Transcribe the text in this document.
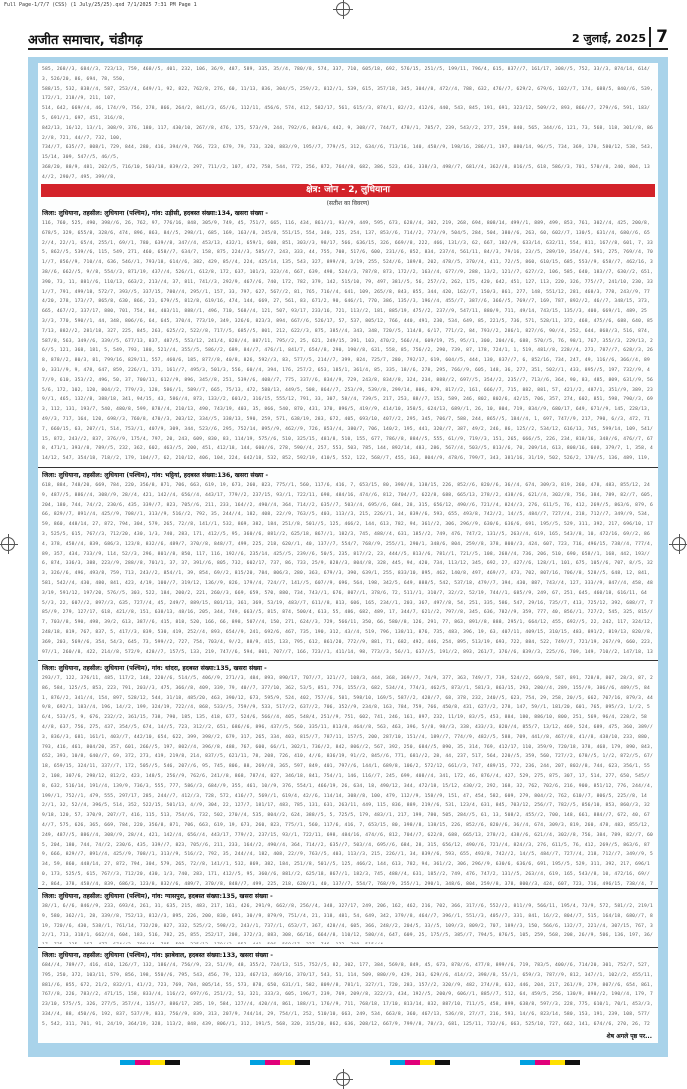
Full Page-1/7/7 (CSS) (1 July/25/25).qxd 7/1/2025 7:31 PM Page 1
अजीत समाचार, चंडीगढ़	2 जुलाई, 2025 7
585, 268//3, 684//3, 723/13, 759, 468//5, 401, 232, 106, 36/9, 487, 589, 335, 35//4, 780//8, 574, 337, 710, 605/18, 692, 576/15, 251//5, 199/11, 796/4, 615, 837//7, 161/17, 308//5, 752, 33//3, 874/14, 614/3, 526/20, 86, 694, 78, 550,
588/15, 532, 838//4, 587, 253//4, 649//1, 92, 822, 762/8, 276, 60, 11/13, 836, 304//5, 259//2, 812//1, 539, 615, 357/18, 345, 304//8, 472//4, 788, 632, 476//7, 629/2, 679/6, 102//7, 174, 688/5, 840//6, 539, 172//1, 218//9, 211, 107,
514, 642, 669//4, 46, 174//9, 756, 278, 866, 264/2, 841//3, 65//6, 112/11, 456/6, 574, 412, 582/17, 561, 615//3, 874/1, 82//2, 412/6, 440, 543, 845, 191, 691, 323/12, 509//2, 893, 866//7, 279//6, 591, 183/5, 691//1, 697, 451, 316//8,
842/13, 16/12, 13//1, 308/9, 376, 180, 117, 430/10, 267//8, 476, 175, 573//9, 244, 792//6, 843/6, 442, 9, 308//7, 744/7, 478//1, 785/7, 239, 543//2, 277, 259, 840, 565, 344//6, 121, 73, 568, 118, 301//8, 862//8, 721, 44//7, 732, 100,
734//7, 635//7, 808/1, 729, 844, 280, 416, 394//9, 766, 723, 679, 79, 733, 320, 883//9, 195//7, 779//5, 312, 634//6, 713/16, 140, 458//9, 198/16, 286//1, 197, 880/14, 96//5, 734, 369, 170, 580/12, 538, 543, 15/14, 309, 547//5, 46//5,
368/20, 88/9, 481, 202//5, 716/10, 503/18, 839//2, 297, 711//2, 107, 472, 758, 544, 772, 256, 872, 764//8, 682, 386, 523, 436, 338//3, 498//7, 681//4, 362//8, 816//5, 618, 586//3, 701, 570//8, 240, 804, 134//2, 290/7, 495, 399//8,
क्षेत्र: जोन - 2, लुधियाना
(सतीश का विवरण)
जिला: लुधियाना, तहसील: लुधियाना (पश्चिम), गांव: उड़ीसी, हदबस्त संख्या:134, खसरा संख्या -
116, 760, 525, 490, 398//6, 26, 762, 97, 776/16, 848, 305/9, 749, 45, 751/7, 665, 116, 434, 861//1, 93//9, 449, 595, 673, 628//4, 302, 219, 268, 694, 808/14, 499//1, 889, 499, 853, 761, 302//4, 425, 200/8, 678/5, 329, 655/8, 328/6, 474, 896, 863, 84//5, 298//1, 685, 169, 163//8, 245/8, 551/15, 554, 340, 225, 254, 137, 853//6, 714//2, 773//9, 504/5, 284, 504, 380//6, 263, 60, 602//7, 130/5, 631//4, 680//6, 652//4, 22//1, 65/4, 255/1, 69//1, 780, 639//8, 347//4, 453/13, 432/1, 659/1, 608, 851, 303//3, 98/17, 566, 636/15, 326, 669//8, 222, 466, 131//3, 62, 667, 182//9, 633/14, 632/11, 554, 811, 167//8, 601, 7, 335, 862//5, 539//6, 115, 549, 271, 460, 658//7, 634/7, 158, 875, 224//3, 585//7, 243, 333, 44, 755, 708, 517/6, 600, 231//6, 852, 834, 237/4, 561/11, 84//3, 79/16, 23//5, 289/19, 354//4, 591, 275, 769//4, 701//7, 856//9, 710//4, 636, 546//1, 793/18, 614//6, 382, 429, 85//4, 224, 425/14, 135, 543, 327, 899//8, 3/19, 255, 524//6, 189/8, 202, 478//5, 370//4, 411, 72//5, 860, 610/15, 685, 553//9, 658//7, 462/16, 338//6, 662//5, 9//8, 554//3, 871/19, 437//4, 526//1, 612/8, 172, 637, 101/3, 323//4, 667, 639, 498, 524//3, 787/8, 873, 172//2, 163//4, 677//9, 288, 13/2, 121//7, 627//2, 106, 585, 640, 183//7, 630//2, 651, 390, 73, 11, 881//6, 110/13, 663/2, 213//4, 37, 811, 741//3, 292/9, 467//6, 740, 172, 782, 379, 142, 515/10, 79, 497, 381//5, 56, 257//2, 262, 175, 420, 642, 451, 127, 113, 220, 326, 775//7, 241/10, 230, 331//7, 791, 499/18, 572/7, 393//5, 337/15, 780//4, 295//1, 157, 33, 797, 627, 567//2, 81, 765, 716//4, 641, 109, 265//8, 843, 855, 344, 420, 162//7, 150/3, 861, 277, 148, 551/12, 281, 468/3, 778, 243//9, 774/20, 278, 173//7, 865/8, 630, 866, 23, 679//5, 812/8, 619/16, 474, 144, 669, 27, 561, 83, 671/2, 90, 646//1, 770, 386, 135//3, 196//4, 455//7, 387//6, 366//5, 769//7, 169, 787, 892//2, 46//7, 348/15, 373, 665, 467//2, 337/17, 880, 701, 754, 84, 403/11, 888//1, 496, 710, 568//4, 121, 507, 93/17, 233/16, 721, 113//2, 181, 885/19, 475//2, 237//9, 547/11, 880/9, 711, 49/14, 743/15, 135//3, 400, 669//1, 489, 253//3, 770, 590//1, 44, 348, 806//6, 64, 645, 370/4, 773/19, 349, 326/6, 823/3, 894, 667//6, 526/17, 57, 537, 805/12, 766, 440, 491, 230, 534, 649, 85, 221/5, 736, 571, 528/11, 372, 468, 475//6, 688, 640, 857/13, 882//2, 281/18, 327, 225, 845, 263, 625//2, 522//8, 717//5, 685//5, 801, 212, 622//3, 875, 385//4, 343, 348, 720//5, 114/8, 6/17, 771//2, 84, 793//2, 286/1, 827//6, 90//4, 252, 644, 868//3, 516, 874, 587/8, 563, 349//6, 339//5, 677/13, 837, 487/5, 553/12, 241/4, 828//4, 887/11, 795//2, 25, 621, 249/15, 391, 103, 470/2, 566//4, 609/19, 75, 95//1, 300, 204//6, 688, 570//5, 76, 98/1, 767, 355//3, 229/13, 26//5, 121, 368, 181, 5, 549, 793, 180, 521//4, 355//5, 586//2, 689, 84//7, 476//1, 841/7, 654//8, 290, 190//8, 631, 558, 85, 756//2, 290, 739, 87, 178, 724/1, 1, 519, 481//8, 228//4, 273, 787//7, 628//3, 268, 878//2, 80/3, 81, 799/16, 829/11, 557, 460/6, 185, 877//8, 40/8, 826, 592//3, 83, 577//5, 214//7, 399, 824, 725/7, 280, 792/17, 619, 604//5, 444, 130, 837//7, 6, 852/16, 734, 247, 49, 116//6, 366//4, 890, 331//9, 9, 478, 647, 859, 226//1, 171, 161//7, 495/3, 501/3, 556, 60//4, 394, 176, 257/2, 653, 185/1, 361/4, 85, 335, 18//6, 278, 295, 766//9, 605, 148, 36, 277, 351, 502//1, 433, 895//5, 197, 732//9, 47//9, 610, 353//2, 496, 50, 37, 700/11, 612//9, 896, 345//8, 251, 539//6, 408//7, 775, 337//6, 834//9, 729, 243/8, 834//8, 324, 234, 888//2, 697//5, 354//2, 235//7, 713//6, 364, 90, 83, 485, 809, 631//9, 565/6, 172, 102, 120, 804//2, 779//3, 128, 586//1, 589//7, 665, 75/13, 472, 588/13, 449/5, 508, 864//7, 253//9, 539//8, 299/14, 806, 879, 817//2, 161, 666//7, 715, 882, 881, 57, 421//2, 487/1, 351//9, 389, 239//1, 465, 132//8, 388/18, 341, 94/15, 43, 586//4, 873, 133//2, 601/2, 316/15, 555/12, 791, 33, 307, 58//4, 739/5, 217, 253, 88//7, 153, 589, 246, 802, 802/6, 42/15, 706, 357, 274, 602, 851, 598, 790//3, 693, 112, 131, 193/7, 540, 480/8, 599, 878//4, 210/13, 490, 743/19, 403, 35, 866, 540, 870, 431, 370, 896/5, 419//9, 414/10, 358/5, 624/13, 689//1, 26, 10, 804, 719, 834//9, 680/17, 649, 671//9, 145, 228/13, 49//3, 717, 164, 120, 698//3, 760/8, 470//3, 203/12, 334//5, 338/13, 590, 259, 571, 638/19, 283, 672, 405, 693/10, 407//2, 295, 345, 706/7, 588, 244, 865//5, 184//4, 1, 697, 747//9, 217, 790, 6//3, 472, 717, 660/15, 63, 207//1, 514, 753//1, 407/9, 309, 344, 523//6, 295, 752/14, 895//9, 462//9, 726, 853//4, 380/7, 706, 140/2, 195, 441, 320//7, 387, 49/2, 246, 86, 125//2, 534/12, 616/13, 745, 599/14, 109, 541/15, 872, 243//2, 837, 376//9, 175/4, 797, 20, 243, 609, 830, 83, 114/19, 575//6, 510, 325/15, 481/8, 510, 155, 677, 786//8, 884//5, 555, 61//9, 719//3, 151, 265, 666//5, 226, 234, 818/16, 348//6, 476//7, 678, 471/1, 393//8, 789//5, 232, 362, 602, 463//5, 200, 451, 412/18, 144, 600//6, 278, 590//4, 257, 553, 503, 785, 144, 892/14, 483, 286, 567//4, 503//5, 813//6, 70, 209/14, 613, 808/16, 600, 379/7, 1, 358, 414/12, 547, 354/18, 718//2, 179, 104//7, 62, 210/12, 406, 104, 224, 642/18, 532, 852, 592/19, 410/5, 552, 122, 568//7, 455, 363, 804//9, 478/6, 799/7, 343, 381/16, 31/19, 502, 526/2, 170//5, 136, 489, 119,
जिला: लुधियाना, तहसील: लुधियाना (पश्चिम), गांव: भट्टियां, हदबस्त संख्या:136, खसरा संख्या -
618, 884, 748/20, 669, 784, 220, 356/8, 871, 706, 663, 619, 19, 673, 260, 823, 775//1, 560, 117/6, 416, 7, 653/15, 80, 398//8, 138/15, 226, 852//6, 820//6, 36//4, 674, 309/3, 819, 260, 478, 483, 855/12, 249, 487//5, 886//4, 308//9, 28//4, 421, 142//4, 656//4, 443/17, 779//2, 237/15, 93//1, 722/11, 698, 484/16, 474//6, 812, 704//7, 622/8, 688, 665/13, 278//2, 438//6, 621//4, 302//8, 756, 384, 789, 82//7, 605, 204, 180, 744, 74//2, 230/6, 435, 339//7, 823, 705//6, 211, 233, 164//2, 490//4, 364, 714//2, 635//7, 503//4, 695//6, 684, 28, 315, 656/12, 490//6, 721//4, 824//3, 276, 611/5, 76, 412, 269//5, 863/6, 879, 666, 829//7, 891//4, 425//9, 708//1, 313//9, 516//2, 792, 35, 244//4, 182, 408, 22//9, 763//5, 403, 113//3, 215, 226//1, 34, 839//6, 593, 655, 493/8, 742//2, 14//5, 484//7, 727//4, 218, 712//7, 349//9, 534, 59, 860, 448/14, 27, 872, 794, 304, 579, 265, 72//8, 141//1, 532, 869, 382, 184, 251//8, 501//5, 125, 466/2, 144, 613, 782, 94, 361//2, 306, 296//9, 630/6, 636/6, 691, 195//5, 529, 311, 392, 217, 696/10, 173, 525/5, 615, 767//3, 712/20, 430, 1/3, 740, 283, 171, 412//5, 95, 360//6, 881//2, 625/18, 867//1, 182/3, 745, 488//4, 631, 185//2, 749, 476, 747/2, 131//5, 263//4, 619, 165, 543//8, 10, 472/16, 69//2, 864, 378, 458//4, 839, 686/3, 123/8, 832//6, 489/7, 370//8, 848//7, 499, 225, 218, 620//1, 40, 137//7, 554/7, 768//9, 255//1, 290/1, 348/6, 804, 259//8, 378, 800//3, 424, 607, 723, 716, 496/15, 738//4, 777/4, 89, 357, 434, 733//9, 114, 52//3, 296, 801//8, 850, 117, 116, 192//6, 235/14, 425//5, 239//6, 50/5, 235, 817//2, 23, 444//5, 813//6, 781//1, 721//5, 108, 268//4, 736, 206, 510, 690, 658//1, 168, 442, 193//6, 874, 336/3, 388, 223//9, 288//8, 701/1, 37, 37, 391//6, 805, 732, 602/17, 737, 86, 733, 25/9, 828//3, 804//8, 328, 445, 94, 420, 734, 113/12, 345, 692, 27, 427//6, 128//1, 101, 675, 105//6, 707, 8//5, 323, 326//6, 496, 493/8, 759, 713, 243//2, 854//1, 39, 854, 69//2, 815/20, 784, 806/3, 280, 363, 679//3, 390, 639/1, 255, 833/10, 895, 462, 140/8, 497, 469//7, 473, 702, 807/16, 706//8, 528//5, 648, 12, 841, 581, 542//4, 430, 480, 841, 423, 4/19, 100//7, 319/12, 136//9, 826, 179//4, 724//7, 141//5, 607//9, 696, 564, 198, 342/5, 649, 888/5, 542, 537/18, 479//7, 394, 430, 887, 743//4, 127, 333//9, 847//4, 458, 483/19, 591/12, 197/20, 576//5, 303, 522, 184, 200/2, 221, 260//3, 669, 659, 570, 880, 734, 743//1, 676, 807//1, 378/6, 72, 511//1, 310/7, 32//2, 52/19, 744//1, 685//9, 249, 67, 251, 645, 460/18, 616/11, 645//3, 22, 607//2, 897//3, 635, 727//4, 45, 249/7, 889/15, 801/13, 361, 369, 53/19, 483//7, 611//8, 813, 606, 165, 234//1, 203, 367, 497//8, 54, 251, 335, 586, 547, 29/16, 735//7, 413, 725/12, 392, 688//7, 785//9, 279, 127/17, 618, 421//8, 151, 638/13, 48/16, 205, 344, 749, 663//5, 815, 874, 500/4, 613, 55, 486, 682, 489, 17, 344/7, 621//2, 797//8, 345, 636, 782//9, 359, 777, 40, 856//1, 727/2, 545, 325, 815//7, 703//8, 590, 498, 39/2, 613, 387//6, 415, 818, 520, 166, 66, 898, 507//4, 150, 271, 624//3, 729, 566/11, 350, 66, 580//8, 126, 291, 77, 863, 891//8, 888, 295/1, 664/12, 455, 692//5, 22, 242, 117, 324/12, 248/18, 819, 767, 837, 5, 417//3, 839, 530, 419, 252//4, 893, 654//9, 241, 692/6, 467, 735, 190, 312, 43//4, 519, 796, 138/11, 876, 735, 483, 396, 19, 63, 407/11, 409/15, 310/15, 483, 891/2, 819/13, 820//8, 369, 203, 569//6, 354, 54/3, 645, 73, 599//2, 727, 754, 703/4, 9//2, 88/9, 415, 133, 795, 612, 861/20, 772//9, 881, 71, 682, 492, 446, 254, 895, 513/19, 693, 722, 884, 522, 749//7, 721/19, 267//9, 660, 223, 97//1, 260//8, 422, 214//8, 572/9, 428//7, 157/5, 133, 219, 747//6, 594, 801, 707//7, 166, 723//1, 411/14, 98, 773//3, 56//1, 637//5, 191//2, 893, 261/7, 376//6, 839//3, 225//6, 709, 149, 710//2, 147/18, 13
जिला: लुधियाना, तहसील: लुधियाना (पश्चिम), गांव: धांदरा, हदबस्त संख्या:135, खसरा संख्या -
293//7, 122, 376/11, 485, 117/2, 148, 220//6, 514//5, 406//9, 271//3, 484, 893, 890/17, 707//7, 321//7, 108/3, 444, 368, 369//7, 74/9, 377, 363, 749//7, 739, 524//2, 669/8, 587, 891, 728/8, 807, 28/3, 87, 286, 584, 125//5, 853, 223, 791, 203//3, 475, 366//8, 409, 339, 79, 40//7, 377/10, 362, 53/5, 851, 776, 155//3, 682, 534//4, 774/3, 462/5, 873//1, 581/3, 863/15, 293, 280//4, 289, 155//9, 386//6, 489//5, 841, 876//2, 341//4, 154, 897, 528/12, 544, 31/18, 485/20, 463, 390/12, 673, 595/9, 524, 402, 757//6, 581, 598/10, 169/5, 587//2, 428//7, 68, 378, 232, 240//5, 623, 754, 29, 258, 20//5, 662, 707/16, 879/3, 449/8, 692/1, 183//4, 196, 14//2, 199, 324/19, 722//4, 868, 533//5, 759//9, 533, 517//2, 637//2, 706, 352//9, 234/8, 163, 784, 759, 766, 450/8, 431, 627//2, 278, 147, 59//1, 181/20, 601, 765, 895//3, 1//2, 56/4, 533//5, 9, 676, 232//2, 361/15, 738, 790, 185, 135, 418, 677, 524/6, 566//4, 405, 548/4, 251//9, 751, 602, 741, 246, 161, 897, 232, 11/19, 83//5, 453, 884, 180, 886/10, 800, 251, 569, 96/4, 228/2, 584//8, 637, 756, 275, 437, 354//5, 674, 14//5, 723, 312//2, 651, 686//6, 896, 437//5, 560, 335/11, 813/8, 464//8, 563, 463, 396, 5//8, 98//3, 338, 433//3, 820//4, 855/7, 13/12, 469, 524, 689, 475, 360, 389//3, 836//3, 681, 161/1, 403//7, 442/10, 654, 622, 399, 398//2, 679, 317, 265, 334, 403, 815//7, 787/11, 157/5, 200, 287/10, 151//4, 189//7, 774//9, 482//5, 588, 709, 441//8, 467//8, 41//8, 438/10, 233, 880, 793, 416, 461, 804/20, 357, 601, 266//5, 197, 802//4, 396//8, 488, 767, 600, 66//1, 302/1, 736//2, 842, 806//2, 567, 392, 250, 684//5, 890, 35, 314, 769, 412/17, 110, 359/9, 720/18, 378, 468, 179, 890, 843, 652, 393, 10/8, 640//7, 69, 372, 273, 419, 219/8, 214, 837//5, 621/11, 78, 208, 726, 410, 4//6, 836/19, 91//2, 845//6, 771, 681//2, 28, 44, 237, 517, 564, 220//5, 359, 560, 727//2, 678//5, 1//2, 872//5, 67/18, 659/15, 324/11, 337//7, 172, 505//5, 546, 207//6, 95, 745, 806, 88, 269//8, 365, 597, 849, 401, 797//6, 144/1, 689/8, 106/2, 572/12, 661//3, 747, 489/15, 772, 236, 244, 207, 802//8, 744, 623, 356/1, 552, 108, 307/6, 298/12, 812/2, 423, 148/5, 256//9, 762/6, 241//8, 868, 787/4, 827, 346/18, 841, 754//1, 146, 116//7, 245, 699, 408//4, 341, 172, 46, 876//4, 427, 529, 275, 875, 307, 17, 514, 277, 650, 545//8, 632, 516/14, 191//4, 139/9, 736/3, 555, 777, 586//3, 684//9, 355, 461, 10//9, 376, 554/1, 466/19, 26, 634, 18, 490/12, 344, 472/18, 15/12, 430//2, 292, 168, 32, 762, 702/6, 216, 900, 851/12, 776, 244//4, 199//1, 752//1, 479, 555, 297/17, 285, 244//7, 412//3, 728, 572, 416//7, 569//1, 619/4, 42//6, 114/14, 308//8, 100, 479, 112//9, 158//9, 151, 47, 454, 582, 609, 279, 804//2, 762, 610//7, 806/5, 225//8, 142//1, 32, 52//4, 396/5, 514, 352, 522/15, 501/13, 4//9, 304, 22, 127/7, 181/17, 483, 785, 131, 631, 263/11, 449, 115, 836, 889, 219//6, 531, 123/4, 631, 845, 703/12, 256//7, 782//5, 856/10, 853, 860//3, 329/18, 120, 57, 370/9, 207//7, 416, 115, 513, 754//6, 732, 502, 270//4, 535, 804//2, 624, 388//5, 5, 725/5, 179, 483//1, 217, 199, 780, 505, 284//5, 61, 13, 508/2, 455//2, 700, 148, 661, 884//7, 672, 40, 674//7, 575, 626, 365, 669, 784, 220, 356/8, 871, 706, 663, 619, 19, 673, 260, 823, 775//1, 560, 117/6, 416, 7, 653/15, 80, 398//8, 138/15, 226, 852//6, 820//6, 36//4, 674, 309/3, 819, 260, 478, 483, 855/12, 249, 487//5, 886//4, 308//9, 28//4, 421, 142//4, 656//4, 443/17, 779//2, 237/15, 93//1, 722/11, 698, 484/16, 474//6, 812, 704//7, 622/8, 688, 665/13, 278//2, 438//6, 621//4, 302//8, 756, 384, 789, 82//7, 605, 204, 180, 744, 74//2, 230/6, 435, 339//7, 823, 705//6, 211, 233, 164//2, 490//4, 364, 714//2, 635//7, 503//4, 695//6, 684, 28, 315, 656/12, 490//6, 721//4, 824//3, 276, 611/5, 76, 412, 269//5, 863/6, 879, 666, 829//7, 891//4, 425//9, 708//1, 313//9, 516//2, 792, 35, 244//4, 182, 408, 22//9, 763//5, 403, 113//3, 215, 226//1, 34, 839//6, 593, 655, 493/8, 742//2, 14//5, 484//7, 727//4, 218, 712//7, 349//9, 534, 59, 860, 448/14, 27, 872, 794, 304, 579, 265, 72//8, 141//1, 532, 869, 382, 184, 251//8, 501//5, 125, 466/2, 144, 613, 782, 94, 361//2, 306, 296//9, 630/6, 636/6, 691, 195//5, 529, 311, 392, 217, 696/10, 173, 525/5, 615, 767//3, 712/20, 430, 1/3, 740, 283, 171, 412//5, 95, 360//6, 881//2, 625/18, 867//1, 182/3, 745, 488//4, 631, 185//2, 749, 476, 747/2, 131//5, 263//4, 619, 165, 543//8, 10, 472/16, 69//2, 864, 378, 458//4, 839, 686/3, 123/8, 832//6, 489/7, 370//8, 848//7, 499, 225, 218, 620//1, 40, 137//7, 554/7, 768//9, 255//1, 290/1, 348/6, 804, 259//8, 378, 800//3, 424, 607, 723, 716, 496/15, 738//4, 7
जिला: लुधियाना, तहसील: लुधियाना (पश्चिम), गांव: ग्यासपुरा, हदबस्त संख्या:135, खसरा संख्या -
38//1, 6//6, 846//9, 233, 693/4, 261, 31, 635, 215, 483, 217, 161, 426, 291/9, 662//8, 256//4, 348, 327/17, 249, 206, 162, 462, 216, 702, 366, 317//6, 552//2, 811//9, 566/11, 195/4, 72/9, 572, 581//2, 219/19, 580, 362//1, 28, 339//8, 752/13, 812//3, 895, 226, 200, 830, 691, 30//9, 879/9, 751//4, 21, 318, 481, 54, 649, 342, 379//8, 464//7, 396//1, 551//3, 405//7, 331, 841, 16//2, 804//7, 515, 164/18, 680//7, 819, 720//6, 430, 538//1, 761/14, 732/20, 827, 332, 525//2, 598//2, 243//1, 737//1, 653//7, 367, 428//4, 605, 366, 248//2, 204/5, 33//5, 109//3, 809/2, 707, 189//3, 150, 566/6, 132//7, 221//4, 307/15, 767, 32//1, 713, 318/1, 662//4, 604, 183, 516, 782, 25, 855, 252/17, 208, 372//3, 883, 308, 66/16, 664//8, 110/12, 580//4, 647, 609, 25, 175//5, 385//7, 794/5, 876/5, 105, 259, 568, 208, 26//9, 506, 136, 197, 36/
जिला: लुधियाना, तहसील: लुधियाना (पश्चिम), गांव: झाबेवाल, हदबस्त संख्या:133, खसरा संख्या -
684//4, 789//7, 416, 410, 126//7, 132, 186//4, 756//9, 23, 51//9, 48, 355/2, 724/13, 515, 752//5, 82, 302, 177, 384, 569/8, 849, 45, 673, 878//6, 477/8, 899//6, 719, 783/5, 400//6, 714/20, 301, 752/7, 527, 795, 250, 372, 103/11, 579, 856, 198, 550//6, 795, 543, 456, 79, 123, 467/13, 469/16, 370/17, 543, 51, 114, 509, 880//9, 429, 263, 629//6, 414//2, 398//8, 55//1, 659//3, 787//9, 812, 347//1, 102//2, 455/11, 881//6, 855, 672, 21/2, 832//1, 41//2, 723, 769, 704, 805/14, 55, 573, 878, 650, 631//1, 582, 809//8, 781/1, 327//1, 720, 283, 157//2, 320//9, 482, 274//8, 632, 446, 204, 217, 261//9, 279, 807//6, 654, 861, 767//8, 226, 783//2, 471/15, 158, 833//4, 116//2, 697//6, 251//2, 53, 321, 333/3, 605, 196/7, 239, 769, 209//8, 322//3, 434, 192//5, 200/9, 606//1, 885//7, 512, 64, 459/5, 256, 130/9, 898//2, 190//4, 179, 723/10, 575//5, 326, 277/5, 357//4, 135//7, 886/17, 285, 19, 584, 127//4, 420//4, 861, 188//1, 176//9, 711, 768/18, 17/10, 813/14, 832, 887/10, 711//5, 458, 899, 638/8, 597//3, 228, 775, 610/1, 70/1, 453//3, 334//4, 88, 450//6, 192, 837, 537//9, 833, 756//9, 839, 313, 207/9, 744/14, 29, 754//1, 252, 510/10, 663, 249, 534, 663/8, 360, 467/13, 536//8, 27//7, 216, 593, 14//6, 823/14, 580, 153, 191, 239, 108, 577/5, 542, 311, 701, 91, 24/19, 364/19, 328, 113/2, 848, 439, 806//1, 312, 191/5, 568, 320, 315/20, 862, 636, 208/12, 667/9, 799//8, 78//3, 681, 125/11, 732//6, 663, 525/10, 727, 662, 141, 674//6, 270, 26, 72
शेष अगले पृष्ठ पर...
